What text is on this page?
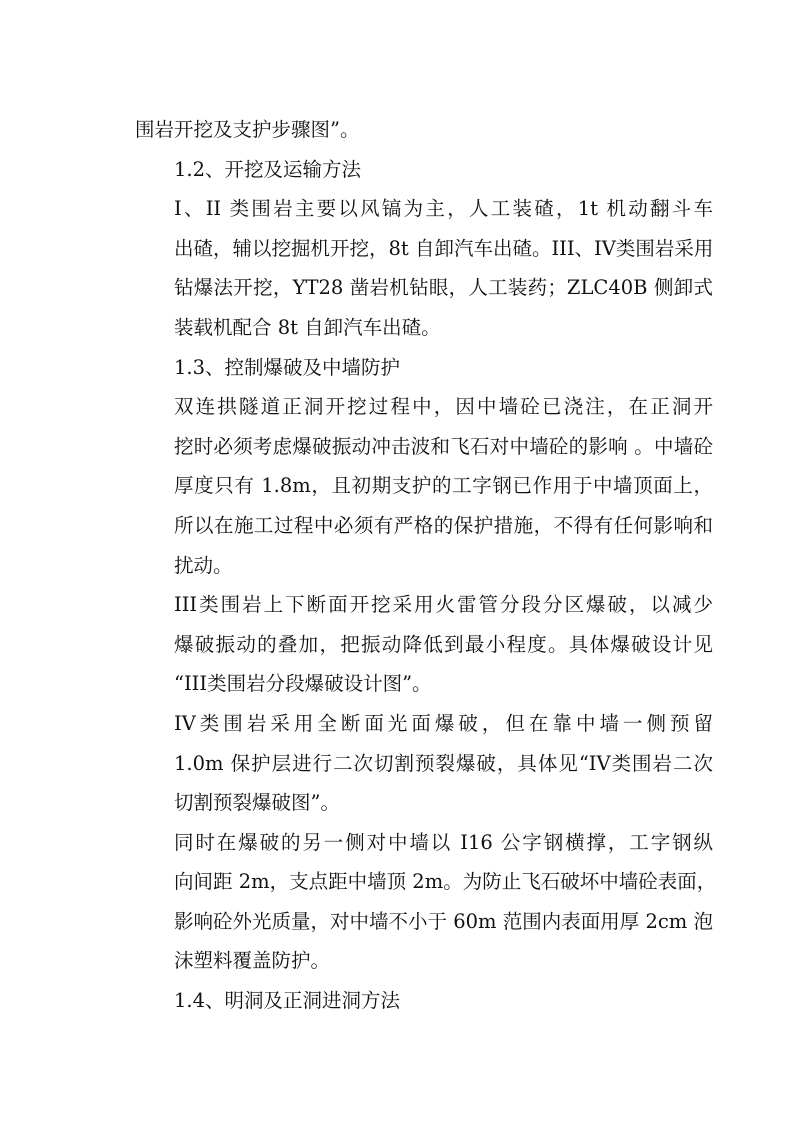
围岩开挖及支护步骤图”。
1.2、开挖及运输方法
I、II 类围岩主要以风镐为主，人工装碴，1t 机动翻斗车
出碴，辅以挖掘机开挖，8t 自卸汽车出碴。III、IV类围岩采用
钻爆法开挖，YT28 凿岩机钻眼，人工装药；ZLC40B 侧卸式
装载机配合 8t 自卸汽车出碴。
1.3、控制爆破及中墙防护
双连拱隧道正洞开挖过程中，因中墙砼已浇注，在正洞开
挖时必须考虑爆破振动冲击波和飞石对中墙砼的影响 。中墙砼
厚度只有 1.8m，且初期支护的工字钢已作用于中墙顶面上，
所以在施工过程中必须有严格的保护措施，不得有任何影响和
扰动。
III类围岩上下断面开挖采用火雷管分段分区爆破，以减少
爆破振动的叠加，把振动降低到最小程度。具体爆破设计见
“III类围岩分段爆破设计图”。
IV类围岩采用全断面光面爆破，但在靠中墙一侧预留
1.0m 保护层进行二次切割预裂爆破，具体见“IV类围岩二次
切割预裂爆破图”。
同时在爆破的另一侧对中墙以 I16 公字钢横撑，工字钢纵
向间距 2m，支点距中墙顶 2m。为防止飞石破坏中墙砼表面，
影响砼外光质量，对中墙不小于 60m 范围内表面用厚 2cm 泡
沫塑料覆盖防护。
1.4、明洞及正洞进洞方法
